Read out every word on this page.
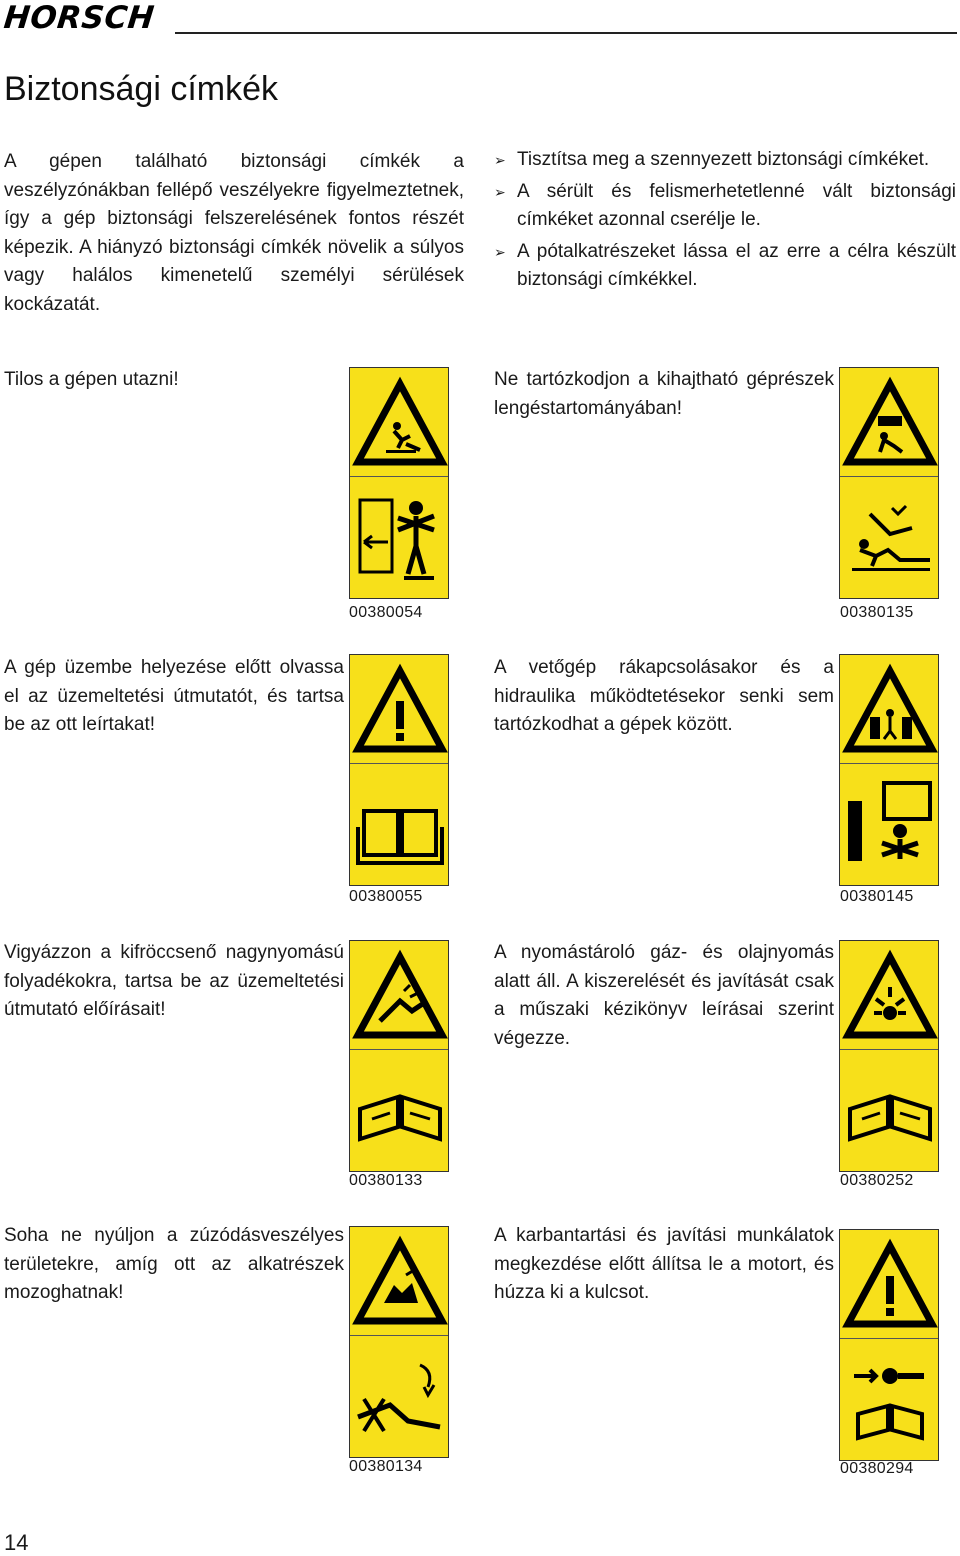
HORSCH
Biztonsági címkék

A gépen található biztonsági címkék a veszélyzónákban fellépő veszélyekre figyelmeztetnek, így a gép biztonsági felszerelésének fontos részét képezik. A hiányzó biztonsági címkék növelik a súlyos vagy halálos kimenetelű személyi sérülések kockázatát.

➢ Tisztítsa meg a szennyezett biztonsági címkéket.
➢ A sérült és felismerhetetlenné vált biztonsági címkéket azonnal cserélje le.
➢ A pótalkatrészeket lássa el az erre a célra készült biztonsági címkékkel.

Tilos a gépen utazni!

00380054

Ne tartózkodjon a kihajtható géprészek lengéstartományában!

00380135

A gép üzembe helyezése előtt olvassa el az üzemeltetési útmutatót, és tartsa be az ott leírtakat!

00380055

A vetőgép rákapcsolásakor és a hidraulika működtetésekor senki sem tartózkodhat a gépek között.

00380145

Vigyázzon a kifröccsenő nagynyomású folyadékokra, tartsa be az üzemeltetési útmutató előírásait!

00380133

A nyomástároló gáz- és olajnyomás alatt áll. A kiszerelését és javítását csak a műszaki kézikönyv leírásai szerint végezze.

00380252

Soha ne nyúljon a zúzódásveszélyes területekre, amíg ott az alkatrészek mozoghatnak!

00380134

A karbantartási és javítási munkálatok megkezdése előtt állítsa le a motort, és húzza ki a kulcsot.

00380294
14
